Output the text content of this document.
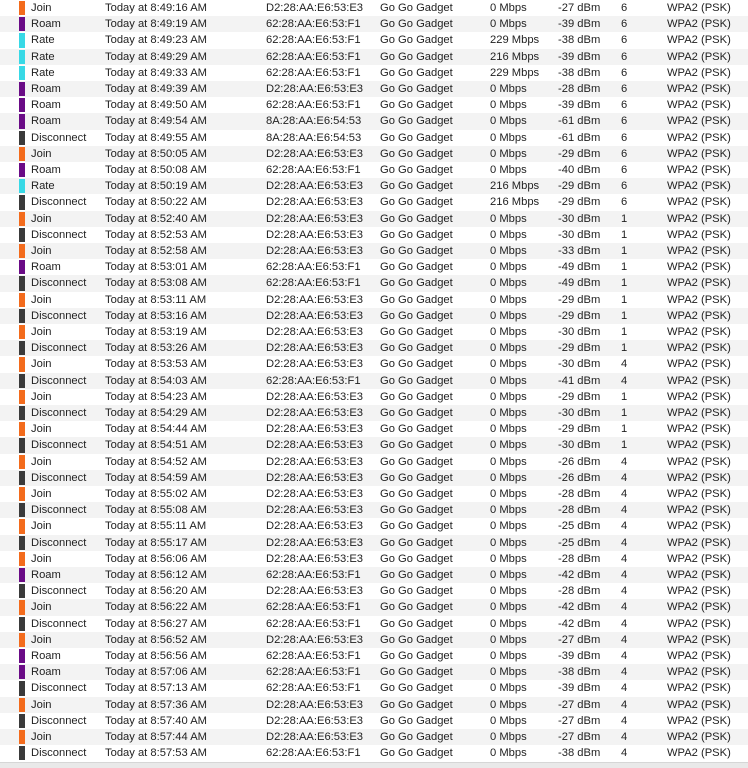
Join	Today at 8:49:16 AM	D2:28:AA:E6:53:E3 Go Go Gadget	0 Mbps	-27 dBm 6	WPA2 (PSK)
Roam	Today at 8:49:19 AM	62:28:AA:E6:53:F1 Go Go Gadget	0 Mbps	-39 dBm 6	WPA2 (PSK)
Rate	Today at 8:49:23 AM	62:28:AA:E6:53:F1 Go Go Gadget	229 Mbps -38 dBm 6	WPA2 (PSK)
Rate	Today at 8:49:29 AM	62:28:AA:E6:53:F1 Go Go Gadget	216 Mbps -39 dBm 6	WPA2 (PSK)
Rate	Today at 8:49:33 AM	62:28:AA:E6:53:F1 Go Go Gadget	229 Mbps -38 dBm 6	WPA2 (PSK)
Roam	Today at 8:49:39 AM	D2:28:AA:E6:53:E3 Go Go Gadget	0 Mbps	-28 dBm 6	WPA2 (PSK)
Roam	Today at 8:49:50 AM	62:28:AA:E6:53:F1 Go Go Gadget	0 Mbps	-39 dBm 6	WPA2 (PSK)
Roam	Today at 8:49:54 AM	8A:28:AA:E6:54:53 Go Go Gadget	0 Mbps	-61 dBm 6	WPA2 (PSK)
Disconnect Today at 8:49:55 AM	8A:28:AA:E6:54:53 Go Go Gadget	0 Mbps	-61 dBm 6	WPA2 (PSK)
Join	Today at 8:50:05 AM	D2:28:AA:E6:53:E3 Go Go Gadget	0 Mbps	-29 dBm 6	WPA2 (PSK)
Roam	Today at 8:50:08 AM	62:28:AA:E6:53:F1 Go Go Gadget	0 Mbps	-40 dBm 6	WPA2 (PSK)
Rate	Today at 8:50:19 AM	D2:28:AA:E6:53:E3 Go Go Gadget	216 Mbps -29 dBm 6	WPA2 (PSK)
Disconnect Today at 8:50:22 AM	D2:28:AA:E6:53:E3 Go Go Gadget	216 Mbps -29 dBm 6	WPA2 (PSK)
Join	Today at 8:52:40 AM	D2:28:AA:E6:53:E3 Go Go Gadget	0 Mbps	-30 dBm 1	WPA2 (PSK)
Disconnect Today at 8:52:53 AM	D2:28:AA:E6:53:E3 Go Go Gadget	0 Mbps	-30 dBm 1	WPA2 (PSK)
Join	Today at 8:52:58 AM	D2:28:AA:E6:53:E3 Go Go Gadget	0 Mbps	-33 dBm 1	WPA2 (PSK)
Roam	Today at 8:53:01 AM	62:28:AA:E6:53:F1 Go Go Gadget	0 Mbps	-49 dBm 1	WPA2 (PSK)
Disconnect Today at 8:53:08 AM	62:28:AA:E6:53:F1 Go Go Gadget	0 Mbps	-49 dBm 1	WPA2 (PSK)
Join	Today at 8:53:11 AM	D2:28:AA:E6:53:E3 Go Go Gadget	0 Mbps	-29 dBm 1	WPA2 (PSK)
Disconnect Today at 8:53:16 AM	D2:28:AA:E6:53:E3 Go Go Gadget	0 Mbps	-29 dBm 1	WPA2 (PSK)
Join	Today at 8:53:19 AM	D2:28:AA:E6:53:E3 Go Go Gadget	0 Mbps	-30 dBm 1	WPA2 (PSK)
Disconnect Today at 8:53:26 AM	D2:28:AA:E6:53:E3 Go Go Gadget	0 Mbps	-29 dBm 1	WPA2 (PSK)
Join	Today at 8:53:53 AM	D2:28:AA:E6:53:E3 Go Go Gadget	0 Mbps	-30 dBm 4	WPA2 (PSK)
Disconnect Today at 8:54:03 AM	62:28:AA:E6:53:F1 Go Go Gadget	0 Mbps	-41 dBm 4	WPA2 (PSK)
Join	Today at 8:54:23 AM	D2:28:AA:E6:53:E3 Go Go Gadget	0 Mbps	-29 dBm 1	WPA2 (PSK)
Disconnect Today at 8:54:29 AM	D2:28:AA:E6:53:E3 Go Go Gadget	0 Mbps	-30 dBm 1	WPA2 (PSK)
Join	Today at 8:54:44 AM	D2:28:AA:E6:53:E3 Go Go Gadget	0 Mbps	-29 dBm 1	WPA2 (PSK)
Disconnect Today at 8:54:51 AM	D2:28:AA:E6:53:E3 Go Go Gadget	0 Mbps	-30 dBm 1	WPA2 (PSK)
Join	Today at 8:54:52 AM	D2:28:AA:E6:53:E3 Go Go Gadget	0 Mbps	-26 dBm 4	WPA2 (PSK)
Disconnect Today at 8:54:59 AM	D2:28:AA:E6:53:E3 Go Go Gadget	0 Mbps	-26 dBm 4	WPA2 (PSK)
Join	Today at 8:55:02 AM	D2:28:AA:E6:53:E3 Go Go Gadget	0 Mbps	-28 dBm 4	WPA2 (PSK)
Disconnect Today at 8:55:08 AM	D2:28:AA:E6:53:E3 Go Go Gadget	0 Mbps	-28 dBm 4	WPA2 (PSK)
Join	Today at 8:55:11 AM	D2:28:AA:E6:53:E3 Go Go Gadget	0 Mbps	-25 dBm 4	WPA2 (PSK)
Disconnect Today at 8:55:17 AM	D2:28:AA:E6:53:E3 Go Go Gadget	0 Mbps	-25 dBm 4	WPA2 (PSK)
Join	Today at 8:56:06 AM	D2:28:AA:E6:53:E3 Go Go Gadget	0 Mbps	-28 dBm 4	WPA2 (PSK)
Roam	Today at 8:56:12 AM	62:28:AA:E6:53:F1 Go Go Gadget	0 Mbps	-42 dBm 4	WPA2 (PSK)
Disconnect Today at 8:56:20 AM	D2:28:AA:E6:53:E3 Go Go Gadget	0 Mbps	-28 dBm 4	WPA2 (PSK)
Join	Today at 8:56:22 AM	62:28:AA:E6:53:F1 Go Go Gadget	0 Mbps	-42 dBm 4	WPA2 (PSK)
Disconnect Today at 8:56:27 AM	62:28:AA:E6:53:F1 Go Go Gadget	0 Mbps	-42 dBm 4	WPA2 (PSK)
Join	Today at 8:56:52 AM	D2:28:AA:E6:53:E3 Go Go Gadget	0 Mbps	-27 dBm 4	WPA2 (PSK)
Roam	Today at 8:56:56 AM	62:28:AA:E6:53:F1 Go Go Gadget	0 Mbps	-39 dBm 4	WPA2 (PSK)
Roam	Today at 8:57:06 AM	62:28:AA:E6:53:F1 Go Go Gadget	0 Mbps	-38 dBm 4	WPA2 (PSK)
Disconnect Today at 8:57:13 AM	62:28:AA:E6:53:F1 Go Go Gadget	0 Mbps	-39 dBm 4	WPA2 (PSK)
Join	Today at 8:57:36 AM	D2:28:AA:E6:53:E3 Go Go Gadget	0 Mbps	-27 dBm 4	WPA2 (PSK)
Disconnect Today at 8:57:40 AM	D2:28:AA:E6:53:E3 Go Go Gadget	0 Mbps	-27 dBm 4	WPA2 (PSK)
Join	Today at 8:57:44 AM	D2:28:AA:E6:53:E3 Go Go Gadget	0 Mbps	-27 dBm 4	WPA2 (PSK)
Disconnect Today at 8:57:53 AM	62:28:AA:E6:53:F1 Go Go Gadget	0 Mbps	-38 dBm 4	WPA2 (PSK)
